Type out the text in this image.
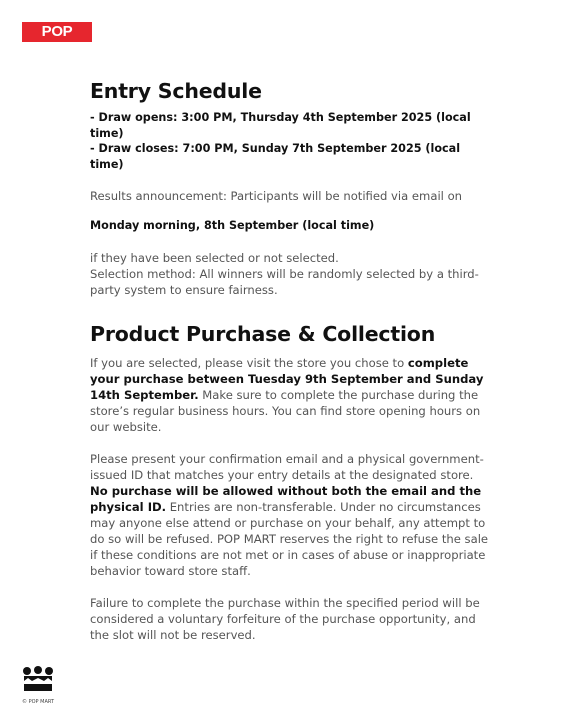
POP MART
Entry Schedule
- Draw opens: 3:00 PM, Thursday 4th September 2025 (local time)
- Draw closes: 7:00 PM, Sunday 7th September 2025 (local time)

Results announcement: Participants will be notified via email on

Monday morning, 8th September (local time)

if they have been selected or not selected.

Selection method: All winners will be randomly selected by a third-party system to ensure fairness.

Product Purchase & Collection

If you are selected, please visit the store you chose to complete your purchase between Tuesday 9th September and Sunday 14th September. Make sure to complete the purchase during the store’s regular business hours. You can find store opening hours on our website.

Please present your confirmation email and a physical government-issued ID that matches your entry details at the designated store. No purchase will be allowed without both the email and the physical ID. Entries are non-transferable. Under no circumstances may anyone else attend or purchase on your behalf, any attempt to do so will be refused. POP MART reserves the right to refuse the sale if these conditions are not met or in cases of abuse or inappropriate behavior toward store staff.

Failure to complete the purchase within the specified period will be considered a voluntary forfeiture of the purchase opportunity, and the slot will not be reserved.

© POP MART
